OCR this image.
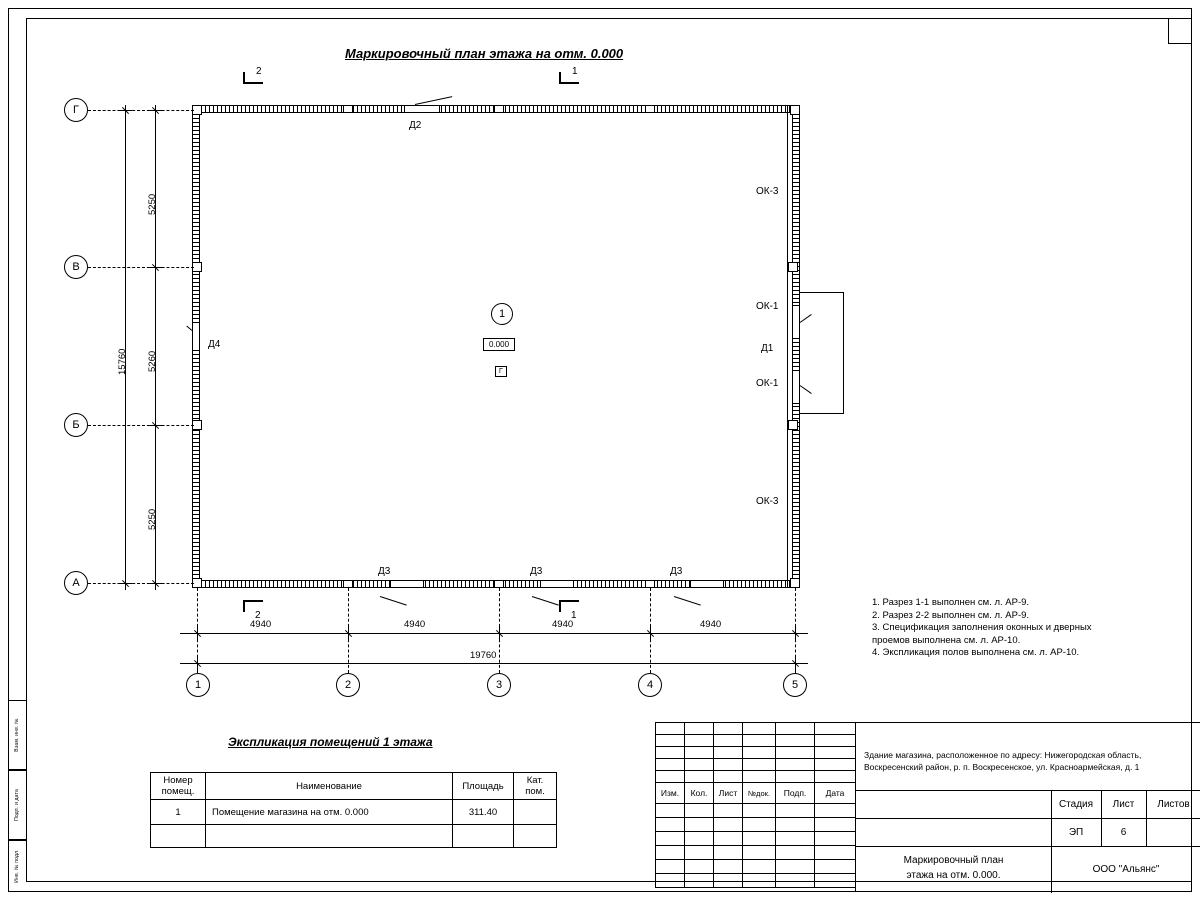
Взам. инв. №
Подп. и дата
Инв. № подл.
Маркировочный план этажа на отм. 0.000
Д2
Д4	Д1
ОК-3
ОК-1
ОК-1
ОК-3
Д3	Д3	Д3
1
0.000
Г
Г
В
Б
А
1	2	3	4	5
4940	4940	4940	4940
19760
5250
5260
5250
15760
2	1
2	1
1. Разрез 1-1 выполнен см. л. АР-9.
2. Разрез 2-2 выполнен см. л. АР-9.
3. Спецификация заполнения оконных и дверных
проемов выполнена см. л. АР-10.
4. Экспликация полов выполнена см. л. АР-10.
Экспликация помещений 1 этажа
Номер
помещ.	Наименование	Площадь	Кат.
пом.

1	Помещение магазина на отм. 0.000	311.40	

Изм.	Кол.	Лист	№док.	Подп.	Дата

Здание магазина, расположенное по адресу: Нижегородская область,
Воскресенский район, р. п. Воскресенское, ул. Красноармейская, д. 1
Стадия	Лист	Листов
ЭП	6
Маркировочный план
этажа на отм. 0.000.	ООО "Альянс"
